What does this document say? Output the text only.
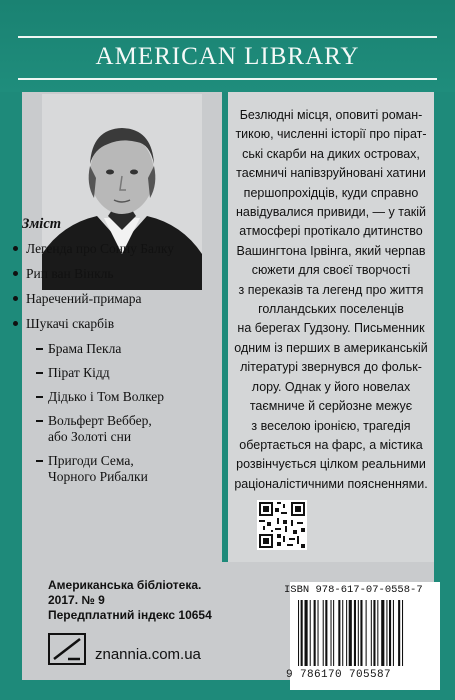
AMERICAN LIBRARY
Зміст
Легенда про Сонну Балку
Рип ван Вінкль
Наречений-примара
Шукачі скарбів
Брама Пекла
Пірат Кідд
Дідько і Том Волкер
Вольферт Веббер,
або Золоті сни
Пригоди Сема,
Чорного Рибалки
Безлюдні місця, оповиті роман-
тикою, численні історії про пірат-
ські скарби на диких островах,
таємничі напівзруйновані хатини
першопрохідців, куди справно
навідувалися привиди, — у такій
атмосфері протікало дитинство
Вашингтона Ірвінга, який черпав
сюжети для своєї творчості
з переказів та легенд про життя
голландських поселенців
на берегах Гудзону. Письменник
одним із перших в американській
літературі звернувся до фольк-
лору. Однак у його новелах
таємниче й серйозне межує
з веселою іронією, трагедія
обертається на фарс, а містика
розвінчується цілком реальними
раціоналістичними поясненнями.
Американська бібліотека.
2017. № 9
Передплатний індекс 10654
znannia.com.ua
ISBN 978-617-07-0558-7
9 786170 705587
